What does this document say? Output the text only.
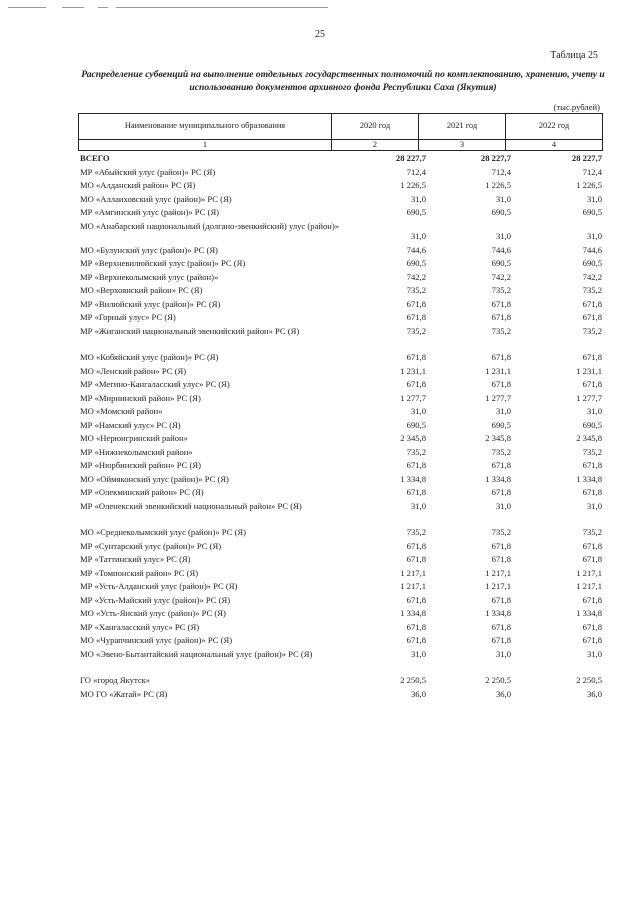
25
Таблица 25
Распределение субвенций на выполнение отдельных государственных полномочий по комплектованию, хранению, учету и использованию документов архивного фонда Республики Саха (Якутия)
(тыс.рублей)
Наименование муниципального образования	2020 год	2021 год	2022 год
1	2	3	4
ВСЕГО	28 227,7	28 227,7	28 227,7
МР «Абыйский улус (район)» РС (Я)	712,4	712,4	712,4
МО «Алданский район» РС (Я)	1 226,5	1 226,5	1 226,5
МО «Аллаиховский улус (район)» РС (Я)	31,0	31,0	31,0
МР «Амгинский улус (район)» РС (Я)	690,5	690,5	690,5
МО «Анабарский национальный (долгано-эвенкийский) улус (район)»
31,0	31,0	31,0
МО «Булунский улус (район)» РС (Я)	744,6	744,6	744,6
МР «Верхневилюйский улус (район)» РС (Я)	690,5	690,5	690,5
МР «Верхнеколымский улус (район)»	742,2	742,2	742,2
МО «Верхоянский район» РС (Я)	735,2	735,2	735,2
МР «Вилюйский улус (район)» РС (Я)	671,8	671,8	671,8
МР «Горный улус» РС (Я)	671,8	671,8	671,8
МР «Жиганский национальный эвенкийский район» РС (Я)	735,2	735,2	735,2
МО «Кобяйский улус (район)» РС (Я)	671,8	671,8	671,8
МО «Ленский район» РС (Я)	1 231,1	1 231,1	1 231,1
МР «Мегино-Кангаласский улус» РС (Я)	671,8	671,8	671,8
МР «Мирнинский район» РС (Я)	1 277,7	1 277,7	1 277,7
МО «Момский район»	31,0	31,0	31,0
МР «Намский улус» РС (Я)	690,5	690,5	690,5
МО «Нерюнгринский район»	2 345,8	2 345,8	2 345,8
МР «Нижнеколымский район»	735,2	735,2	735,2
МР «Нюрбинский район» РС (Я)	671,8	671,8	671,8
МО «Оймяконский улус (район)» РС (Я)	1 334,8	1 334,8	1 334,8
МР «Олекминский район» РС (Я)	671,8	671,8	671,8
МР «Оленекский эвенкийский национальный район» РС (Я)	31,0	31,0	31,0
МО «Среднеколымский улус (район)» РС (Я)	735,2	735,2	735,2
МР «Сунтарский улус (район)» РС (Я)	671,8	671,8	671,8
МР «Таттинский улус» РС (Я)	671,8	671,8	671,8
МР «Томпонский район» РС (Я)	1 217,1	1 217,1	1 217,1
МР «Усть-Алданский улус (район)» РС (Я)	1 217,1	1 217,1	1 217,1
МР «Усть-Майский улус (район)» РС (Я)	671,8	671,8	671,8
МО «Усть-Янский улус (район)» РС (Я)	1 334,8	1 334,8	1 334,8
МР «Хангаласский улус» РС (Я)	671,8	671,8	671,8
МО «Чурапчинский улус (район)» РС (Я)	671,8	671,8	671,8
МО «Эвено-Бытантайский национальный улус (район)» РС (Я)	31,0	31,0	31,0
ГО «город Якутск»	2 250,5	2 250,5	2 250,5
МО ГО «Жатай» РС (Я)	36,0	36,0	36,0
